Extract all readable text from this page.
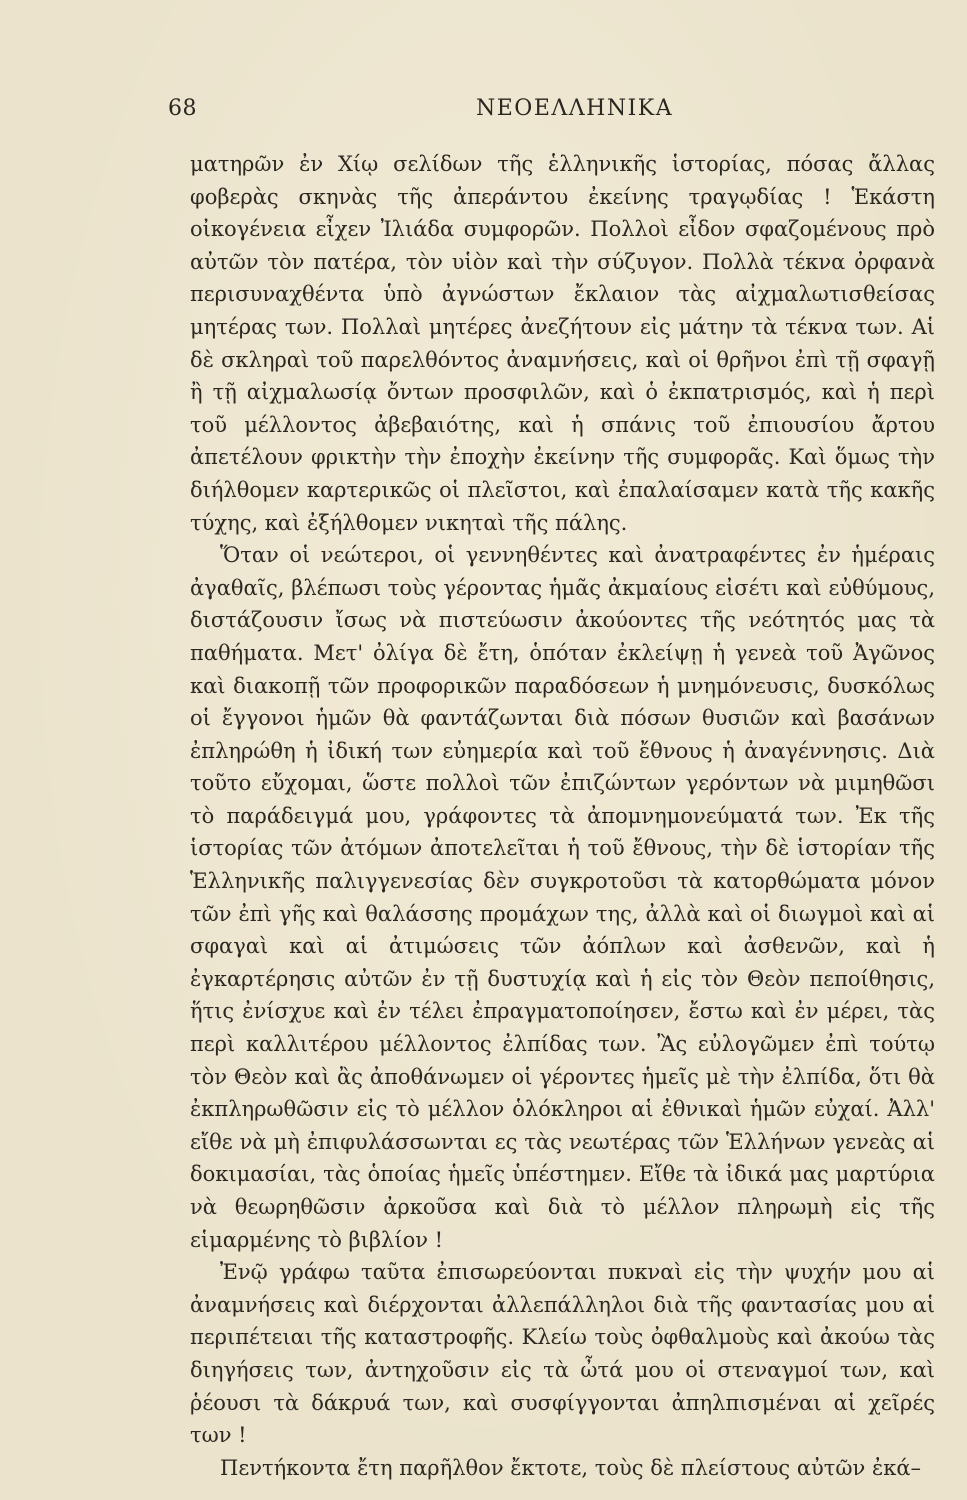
68	ΝΕΟΕΛΛΗΝΙΚΑ

ματηρῶν ἐν Χίῳ σελίδων τῆς ἑλληνικῆς ἱστορίας, πόσας ἄλλας φοβερὰς σκηνὰς τῆς ἀπεράντου ἐκείνης τραγῳδίας ! Ἑκάστη οἰκογένεια εἶχεν Ἰλιάδα συμφορῶν. Πολλοὶ εἶδον σφαζομένους πρὸ αὐτῶν τὸν πατέρα, τὸν υἱὸν καὶ τὴν σύζυγον. Πολλὰ τέκνα ὀρφανὰ περισυναχθέντα ὑπὸ ἀγνώστων ἔκλαιον τὰς αἰχμαλωτισθείσας μητέρας των. Πολλαὶ μητέρες ἀνεζήτουν εἰς μάτην τὰ τέκνα των. Αἱ δὲ σκληραὶ τοῦ παρελθόντος ἀναμνήσεις, καὶ οἱ θρῆνοι ἐπὶ τῇ σφαγῇ ἢ τῇ αἰχμαλωσίᾳ ὄντων προσφιλῶν, καὶ ὁ ἐκπατρισμός, καὶ ἡ περὶ τοῦ μέλλοντος ἀβεβαιότης, καὶ ἡ σπάνις τοῦ ἐπιουσίου ἄρτου ἀπετέλουν φρικτὴν τὴν ἐποχὴν ἐκείνην τῆς συμφορᾶς. Καὶ ὅμως τὴν διήλθομεν καρτερικῶς οἱ πλεῖστοι, καὶ ἐπαλαίσαμεν κατὰ τῆς κακῆς τύχης, καὶ ἐξήλθομεν νικηταὶ τῆς πάλης.

Ὅταν οἱ νεώτεροι, οἱ γεννηθέντες καὶ ἀνατραφέντες ἐν ἡμέραις ἀγαθαῖς, βλέπωσι τοὺς γέροντας ἡμᾶς ἀκμαίους εἰσέτι καὶ εὐθύμους, διστάζουσιν ἴσως νὰ πιστεύωσιν ἀκούοντες τῆς νεότητός μας τὰ παθήματα. Μετ' ὀλίγα δὲ ἔτη, ὁπόταν ἐκλείψῃ ἡ γενεὰ τοῦ Ἀγῶνος καὶ διακοπῇ τῶν προφορικῶν παραδόσεων ἡ μνημόνευσις, δυσκόλως οἱ ἔγγονοι ἡμῶν θὰ φαντάζωνται διὰ πόσων θυσιῶν καὶ βασάνων ἐπληρώθη ἡ ἰδική των εὐημερία καὶ τοῦ ἔθνους ἡ ἀναγέννησις. Διὰ τοῦτο εὔχομαι, ὥστε πολλοὶ τῶν ἐπιζώντων γερόντων νὰ μιμηθῶσι τὸ παράδειγμά μου, γράφοντες τὰ ἀπομνημονεύματά των. Ἐκ τῆς ἱστορίας τῶν ἀτόμων ἀποτελεῖται ἡ τοῦ ἔθνους, τὴν δὲ ἱστορίαν τῆς Ἑλληνικῆς παλιγγενεσίας δὲν συγκροτοῦσι τὰ κατορθώματα μόνον τῶν ἐπὶ γῆς καὶ θαλάσσης προμάχων της, ἀλλὰ καὶ οἱ διωγμοὶ καὶ αἱ σφαγαὶ καὶ αἱ ἀτιμώσεις τῶν ἀόπλων καὶ ἀσθενῶν, καὶ ἡ ἐγκαρτέρησις αὐτῶν ἐν τῇ δυστυχίᾳ καὶ ἡ εἰς τὸν Θεὸν πεποίθησις, ἥτις ἐνίσχυε καὶ ἐν τέλει ἐπραγματοποίησεν, ἔστω καὶ ἐν μέρει, τὰς περὶ καλλιτέρου μέλλοντος ἐλπίδας των. Ἂς εὐλογῶμεν ἐπὶ τούτῳ τὸν Θεὸν καὶ ἂς ἀποθάνωμεν οἱ γέροντες ἡμεῖς μὲ τὴν ἐλπίδα, ὅτι θὰ ἐκπληρωθῶσιν εἰς τὸ μέλλον ὁλόκληροι αἱ ἐθνικαὶ ἡμῶν εὐχαί. Ἀλλ' εἴθε νὰ μὴ ἐπιφυλάσσωνται ες τὰς νεωτέρας τῶν Ἑλλήνων γενεὰς αἱ δοκιμασίαι, τὰς ὁποίας ἡμεῖς ὑπέστημεν. Εἴθε τὰ ἰδικά μας μαρτύρια νὰ θεωρηθῶσιν ἀρκοῦσα καὶ διὰ τὸ μέλλον πληρωμὴ εἰς τῆς εἱμαρμένης τὸ βιβλίον !

Ἐνῷ γράφω ταῦτα ἐπισωρεύονται πυκναὶ εἰς τὴν ψυχήν μου αἱ ἀναμνήσεις καὶ διέρχονται ἀλλεπάλληλοι διὰ τῆς φαντασίας μου αἱ περιπέτειαι τῆς καταστροφῆς. Κλείω τοὺς ὀφθαλμοὺς καὶ ἀκούω τὰς διηγήσεις των, ἀντηχοῦσιν εἰς τὰ ὦτά μου οἱ στεναγμοί των, καὶ ῥέουσι τὰ δάκρυά των, καὶ συσφίγγονται ἀπηλπισμέναι αἱ χεῖρές των !

Πεντήκοντα ἔτη παρῆλθον ἔκτοτε, τοὺς δὲ πλείστους αὐτῶν ἐκά–
